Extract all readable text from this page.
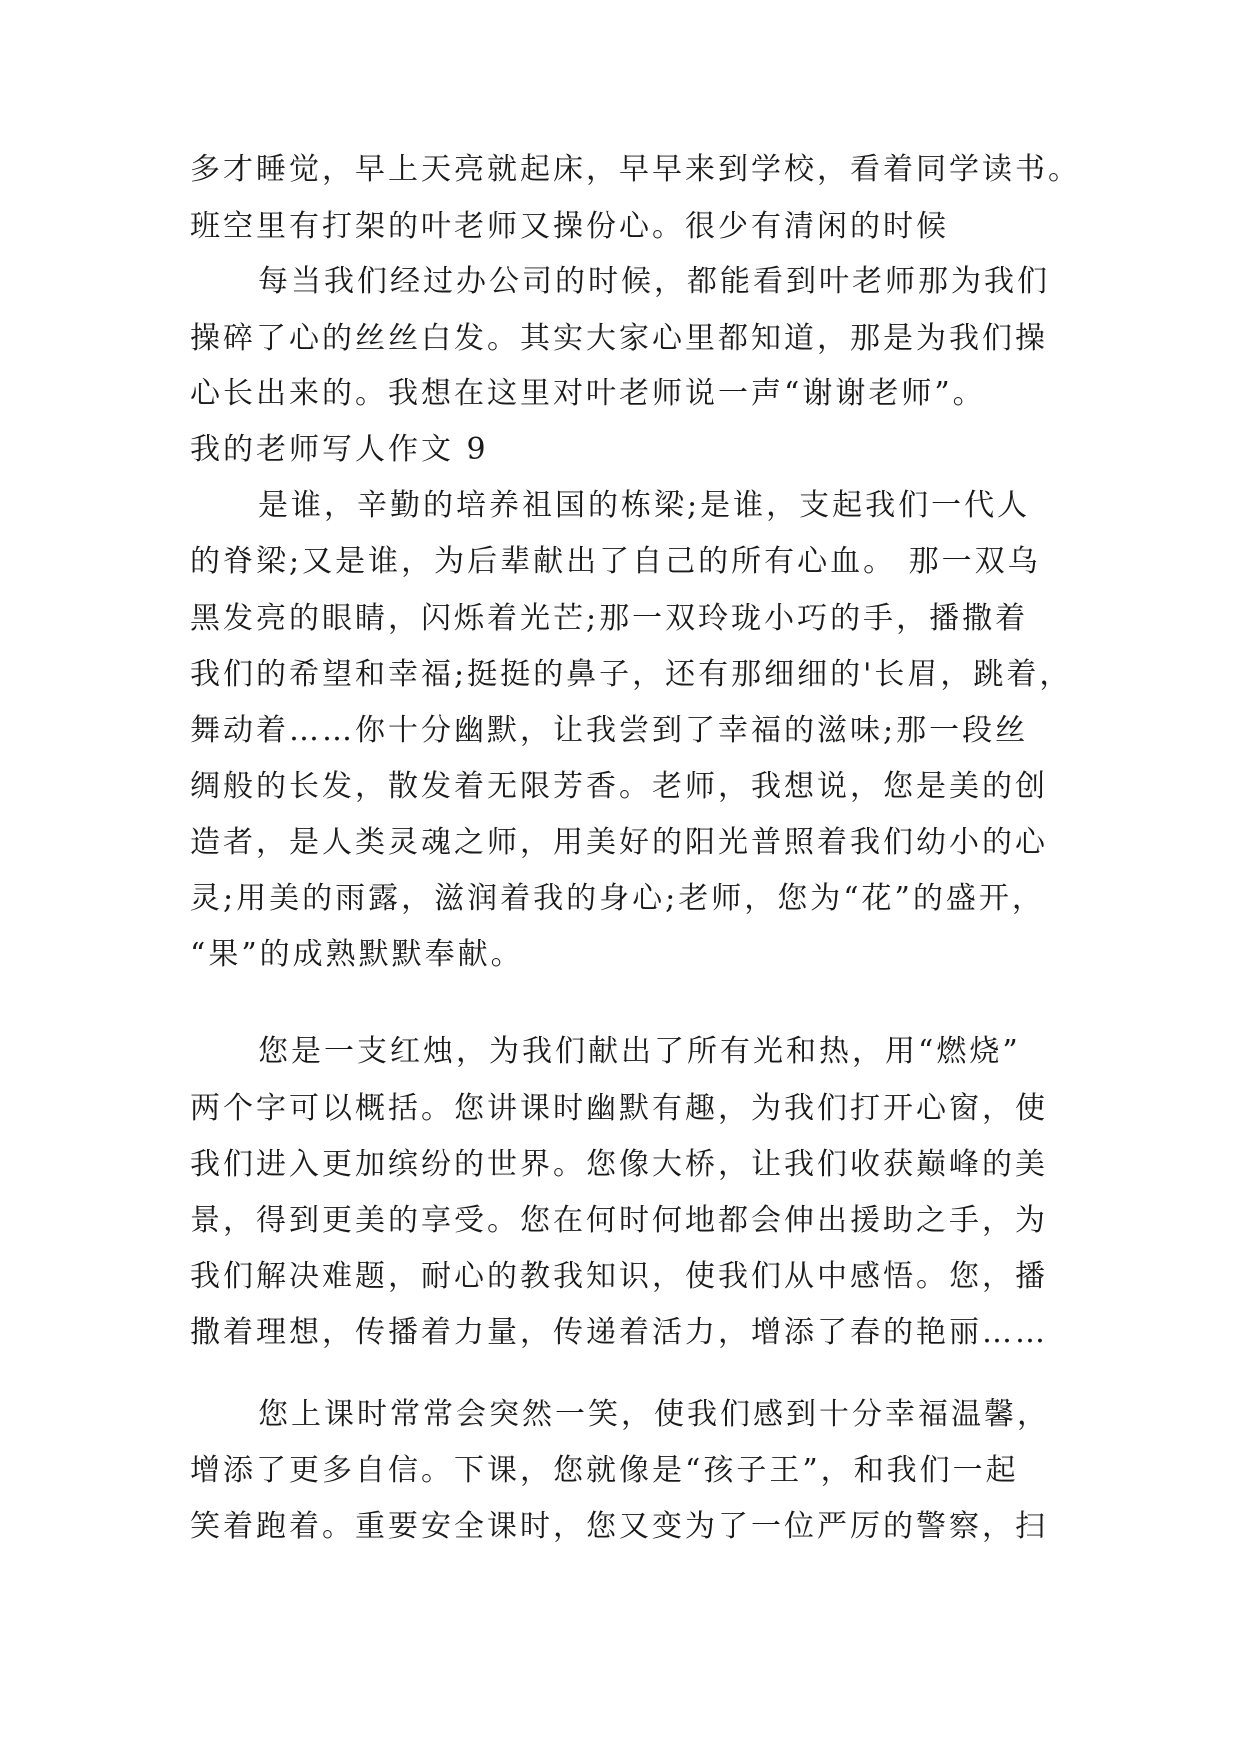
多才睡觉，早上天亮就起床，早早来到学校，看着同学读书。
班空里有打架的叶老师又操份心。很少有清闲的时候
每当我们经过办公司的时候，都能看到叶老师那为我们
操碎了心的丝丝白发。其实大家心里都知道，那是为我们操
心长出来的。我想在这里对叶老师说一声“谢谢老师”。
我的老师写人作文 9
是谁，辛勤的培养祖国的栋梁;是谁，支起我们一代人
的脊梁;又是谁，为后辈献出了自己的所有心血。 那一双乌
黑发亮的眼睛，闪烁着光芒;那一双玲珑小巧的手，播撒着
我们的希望和幸福;挺挺的鼻子，还有那细细的'长眉，跳着，
舞动着……你十分幽默，让我尝到了幸福的滋味;那一段丝
绸般的长发，散发着无限芳香。老师，我想说，您是美的创
造者，是人类灵魂之师，用美好的阳光普照着我们幼小的心
灵;用美的雨露，滋润着我的身心;老师，您为“花”的盛开，
“果”的成熟默默奉献。
您是一支红烛，为我们献出了所有光和热，用“燃烧”
两个字可以概括。您讲课时幽默有趣，为我们打开心窗，使
我们进入更加缤纷的世界。您像大桥，让我们收获巅峰的美
景，得到更美的享受。您在何时何地都会伸出援助之手，为
我们解决难题，耐心的教我知识，使我们从中感悟。您，播
撒着理想，传播着力量，传递着活力，增添了春的艳丽……
您上课时常常会突然一笑，使我们感到十分幸福温馨，
增添了更多自信。下课，您就像是“孩子王”，和我们一起
笑着跑着。重要安全课时，您又变为了一位严厉的警察，扫
